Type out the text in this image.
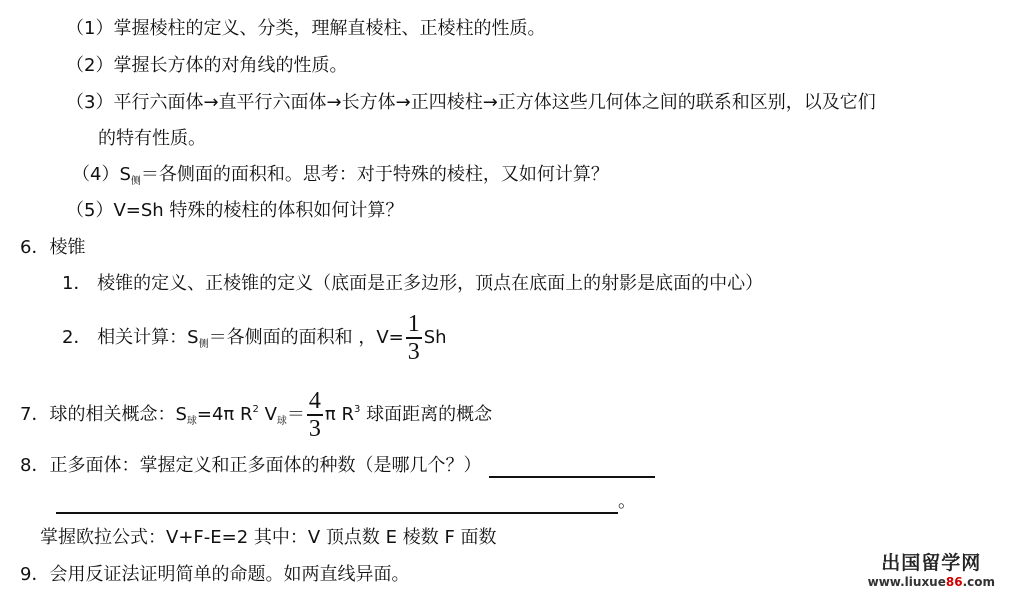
（1）掌握棱柱的定义、分类，理解直棱柱、正棱柱的性质。
（2）掌握长方体的对角线的性质。
（3）平行六面体→直平行六面体→长方体→正四棱柱→正方体这些几何体之间的联系和区别，以及它们
的特有性质。
$(4)S_侧=$各侧面的面积和。思考：对于特殊的棱柱，又如何计算？
（5）V=Sh 特殊的棱柱的体积如何计算？
6．棱锥
1． 棱锥的定义、正棱锥的定义（底面是正多边形，顶点在底面上的射影是底面的中心）
2． 相关计算：$S_侧=$各侧面的面积和 ，$V= \frac{1}{3}$ Sh
7．球的相关概念：$S_球=4\pi$ $R^2$ $V_球= \frac{4}{3}$ π $R^3$ 球面距离的概念
8．正多面体：掌握定义和正多面体的种数（是哪几个？）
。
掌握欧拉公式：V+F-E=2 其中：V 顶点数 E 棱数 F 面数
9．会用反证法证明简单的命题。如两直线异面。
出国留学网
www.liuxue86.com
